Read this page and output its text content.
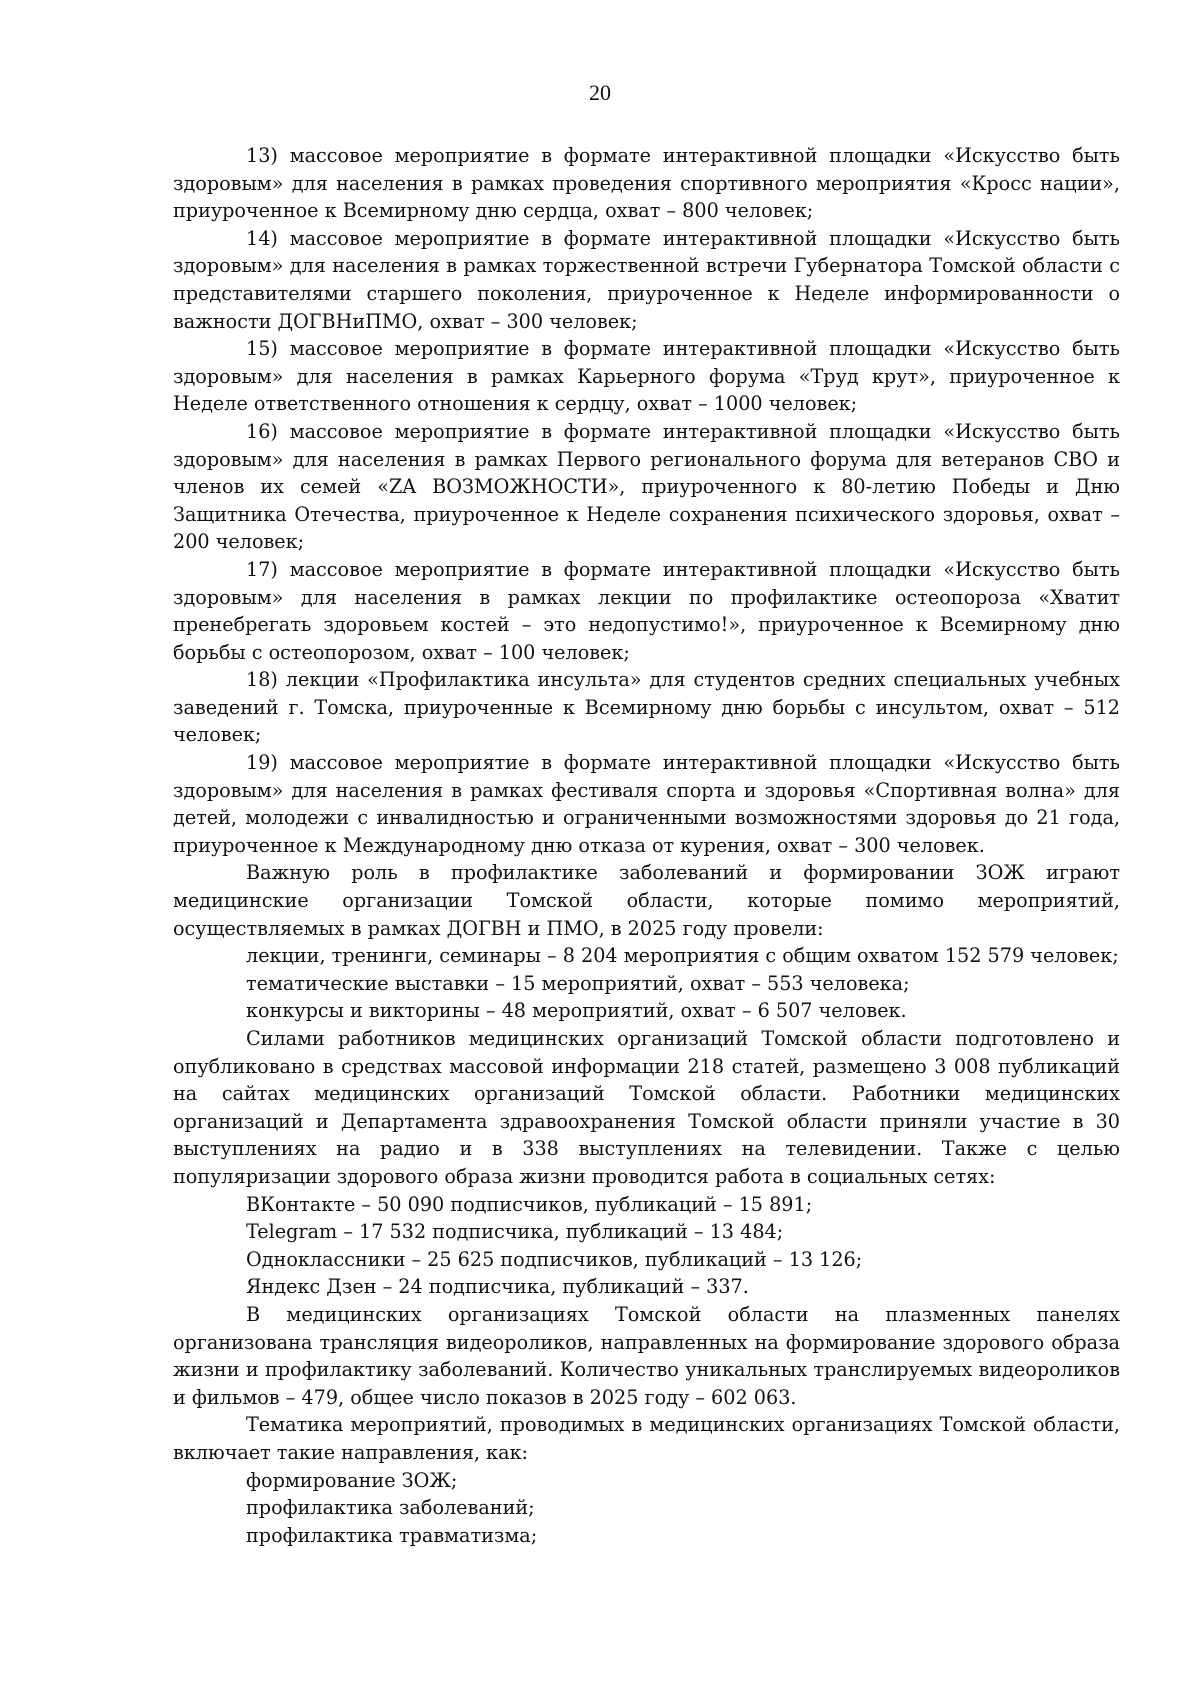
20

13) массовое мероприятие в формате интерактивной площадки «Искусство быть здоровым» для населения в рамках проведения спортивного мероприятия «Кросс нации», приуроченное к Всемирному дню сердца, охват – 800 человек;

14) массовое мероприятие в формате интерактивной площадки «Искусство быть здоровым» для населения в рамках торжественной встречи Губернатора Томской области с представителями старшего поколения, приуроченное к Неделе информированности о важности ДОГВНиПМО, охват – 300 человек;

15) массовое мероприятие в формате интерактивной площадки «Искусство быть здоровым» для населения в рамках Карьерного форума «Труд крут», приуроченное к Неделе ответственного отношения к сердцу, охват – 1000 человек;

16) массовое мероприятие в формате интерактивной площадки «Искусство быть здоровым» для населения в рамках Первого регионального форума для ветеранов СВО и членов их семей «ZA ВОЗМОЖНОСТИ», приуроченного к 80-летию Победы и Дню Защитника Отечества, приуроченное к Неделе сохранения психического здоровья, охват – 200 человек;

17) массовое мероприятие в формате интерактивной площадки «Искусство быть здоровым» для населения в рамках лекции по профилактике остеопороза «Хватит пренебрегать здоровьем костей – это недопустимо!», приуроченное к Всемирному дню борьбы с остеопорозом, охват – 100 человек;

18) лекции «Профилактика инсульта» для студентов средних специальных учебных заведений г. Томска, приуроченные к Всемирному дню борьбы с инсультом, охват – 512 человек;

19) массовое мероприятие в формате интерактивной площадки «Искусство быть здоровым» для населения в рамках фестиваля спорта и здоровья «Спортивная волна» для детей, молодежи с инвалидностью и ограниченными возможностями здоровья до 21 года, приуроченное к Международному дню отказа от курения, охват – 300 человек.

Важную роль в профилактике заболеваний и формировании ЗОЖ играют медицинские организации Томской области, которые помимо мероприятий, осуществляемых в рамках ДОГВН и ПМО, в 2025 году провели:

лекции, тренинги, семинары – 8 204 мероприятия с общим охватом 152 579 человек;

тематические выставки – 15 мероприятий, охват – 553 человека;

конкурсы и викторины – 48 мероприятий, охват – 6 507 человек.

Силами работников медицинских организаций Томской области подготовлено и опубликовано в средствах массовой информации 218 статей, размещено 3 008 публикаций на сайтах медицинских организаций Томской области. Работники медицинских организаций и Департамента здравоохранения Томской области приняли участие в 30 выступлениях на радио и в 338 выступлениях на телевидении. Также с целью популяризации здорового образа жизни проводится работа в социальных сетях:

ВКонтакте – 50 090 подписчиков, публикаций – 15 891;

Telegram – 17 532 подписчика, публикаций – 13 484;

Одноклассники – 25 625 подписчиков, публикаций – 13 126;

Яндекс Дзен – 24 подписчика, публикаций – 337.

В медицинских организациях Томской области на плазменных панелях организована трансляция видеороликов, направленных на формирование здорового образа жизни и профилактику заболеваний. Количество уникальных транслируемых видеороликов и фильмов – 479, общее число показов в 2025 году – 602 063.

Тематика мероприятий, проводимых в медицинских организациях Томской области, включает такие направления, как:

формирование ЗОЖ;

профилактика заболеваний;

профилактика травматизма;
